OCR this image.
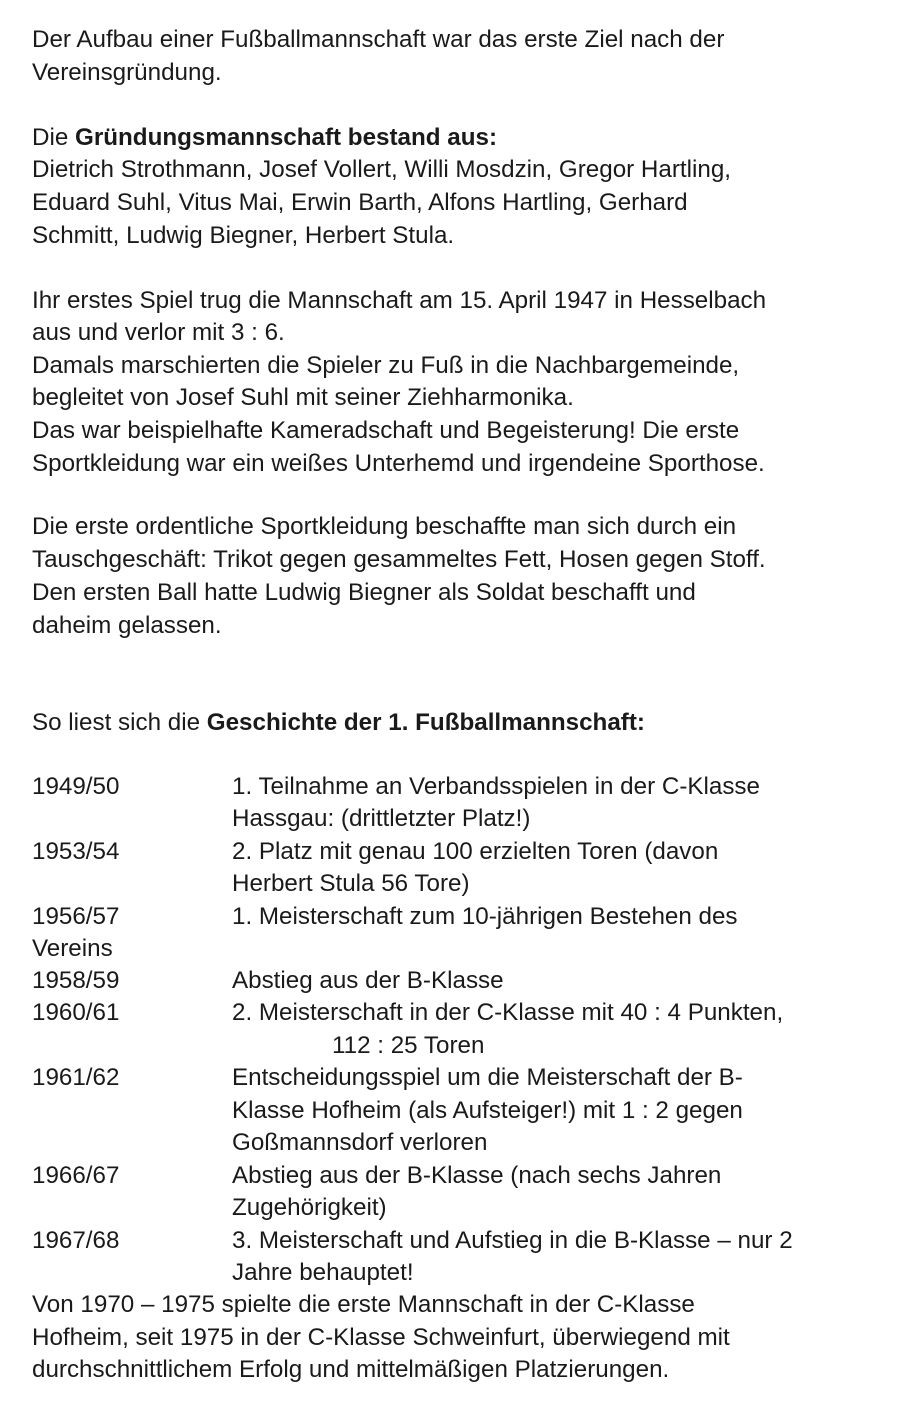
Der Aufbau einer Fußballmannschaft war das erste Ziel nach der
Vereinsgründung.
Die Gründungsmannschaft bestand aus:
Dietrich Strothmann, Josef Vollert, Willi Mosdzin, Gregor Hartling,
Eduard Suhl, Vitus Mai, Erwin Barth, Alfons Hartling, Gerhard
Schmitt, Ludwig Biegner, Herbert Stula.
Ihr erstes Spiel trug die Mannschaft am 15. April 1947 in Hesselbach
aus und verlor mit 3 : 6.
Damals marschierten die Spieler zu Fuß in die Nachbargemeinde,
begleitet von Josef Suhl mit seiner Ziehharmonika.
Das war beispielhafte Kameradschaft und Begeisterung! Die erste
Sportkleidung war ein weißes Unterhemd und irgendeine Sporthose.
Die erste ordentliche Sportkleidung beschaffte man sich durch ein
Tauschgeschäft: Trikot gegen gesammeltes Fett, Hosen gegen Stoff.
Den ersten Ball hatte Ludwig Biegner als Soldat beschafft und
daheim gelassen.
So liest sich die Geschichte der 1. Fußballmannschaft:
1949/50	1. Teilnahme an Verbandsspielen in der C-Klasse
Hassgau: (drittletzter Platz!)
1953/54	2. Platz mit genau 100 erzielten Toren (davon
Herbert Stula 56 Tore)
1956/57	1. Meisterschaft zum 10-jährigen Bestehen des
Vereins
1958/59	Abstieg aus der B-Klasse
1960/61	2. Meisterschaft in der C-Klasse mit 40 : 4 Punkten,
112 : 25 Toren
1961/62	Entscheidungsspiel um die Meisterschaft der B-
Klasse Hofheim (als Aufsteiger!) mit 1 : 2 gegen
Goßmannsdorf verloren
1966/67	Abstieg aus der B-Klasse (nach sechs Jahren
Zugehörigkeit)
1967/68	3. Meisterschaft und Aufstieg in die B-Klasse – nur 2
Jahre behauptet!
Von 1970 – 1975 spielte die erste Mannschaft in der C-Klasse
Hofheim, seit 1975 in der C-Klasse Schweinfurt, überwiegend mit
durchschnittlichem Erfolg und mittelmäßigen Platzierungen.
